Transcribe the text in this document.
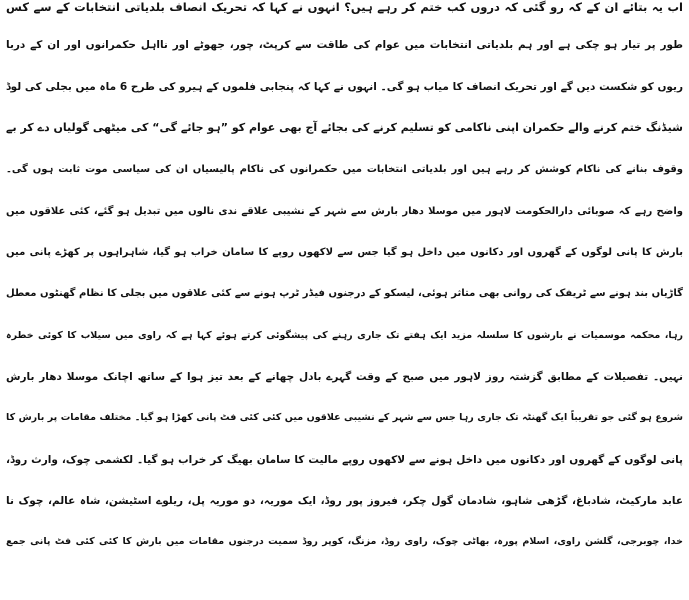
اب یہ بتائے ان کے کہ رو گئی کہ دروں کب ختم کر رہے ہیں؟ انہوں نے کہا کہ تحریک انصاف بلدیاتی انتخابات کے سے کس
طور پر تیار ہو چکی ہے اور ہم بلدیاتی انتخابات میں عوام کی طاقت سے کرپٹ، چور، جھوٹے اور نااہل حکمرانوں اور ان کے دربا
ریوں کو شکست دیں گے اور تحریک انصاف کا میاب ہو گی۔ انہوں نے کہا کہ پنجابی فلموں کے ہیرو کی طرح 6 ماہ میں بجلی کی لوڈ
شیڈنگ ختم کرنے والے حکمران اپنی ناکامی کو تسلیم کرنے کی بجائے آج بھی عوام کو ”ہو جائے گی“ کی میٹھی گولیاں دے کر بے
وقوف بنانے کی ناکام کوشش کر رہے ہیں اور بلدیاتی انتخابات میں حکمرانوں کی ناکام پالیسیاں ان کی سیاسی موت ثابت ہوں گی۔
واضح رہے کہ صوبائی دارالحکومت لاہور میں موسلا دھار بارش سے شہر کے نشیبی علاقے ندی نالوں میں تبدیل ہو گئے، کئی علاقوں میں
بارش کا پانی لوگوں کے گھروں اور دکانوں میں داخل ہو گیا جس سے لاکھوں روپے کا سامان خراب ہو گیا، شاہراہوں پر کھڑے پانی میں
گاڑیاں بند ہونے سے ٹریفک کی روانی بھی متاثر ہوئی، لیسکو کے درجنوں فیڈر ٹرپ ہونے سے کئی علاقوں میں بجلی کا نظام گھنٹوں معطل
رہا، محکمہ موسمیات نے بارشوں کا سلسلہ مزید ایک ہفتے تک جاری رہنے کی پیشگوئی کرتے ہوئے کہا ہے کہ راوی میں سیلاب کا کوئی خطرہ
نہیں۔ تفصیلات کے مطابق گزشتہ روز لاہور میں صبح کے وقت گہرے بادل چھانے کے بعد تیز ہوا کے ساتھ اچانک موسلا دھار بارش
شروع ہو گئی جو تقریباً ایک گھنٹہ تک جاری رہا جس سے شہر کے نشیبی علاقوں میں کئی کئی فٹ پانی کھڑا ہو گیا۔ مختلف مقامات پر بارش کا
پانی لوگوں کے گھروں اور دکانوں میں داخل ہونے سے لاکھوں روپے مالیت کا سامان بھیگ کر خراب ہو گیا۔ لکشمی چوک، وارث روڈ،
عابد مارکیٹ، شادباغ، گڑھی شاہو، شادمان گول چکر، فیروز پور روڈ، ایک موریہ، دو موریہ پل، ریلوے اسٹیشن، شاہ عالم، چوک نا
خدا، چوبرجی، گلشن راوی، اسلام پورہ، بھاٹی چوک، راوی روڈ، مزنگ، کوپر روڈ سمیت درجنوں مقامات میں بارش کا کئی کئی فٹ پانی جمع
